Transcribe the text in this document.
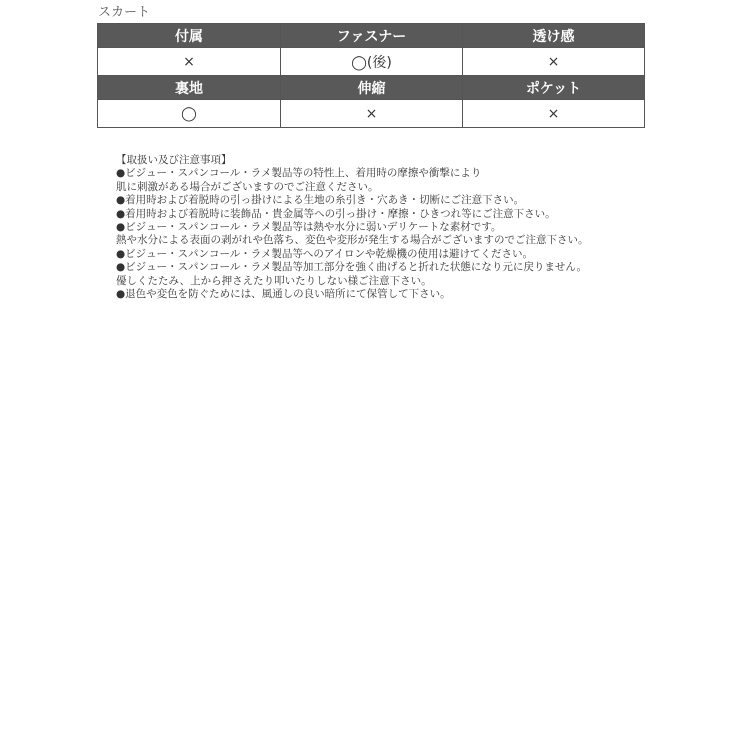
スカート
付属	ファスナー	透け感
×	◯(後)	×
裏地	伸縮	ポケット
◯	×	×
【取扱い及び注意事項】
●ビジュー・スパンコール・ラメ製品等の特性上、着用時の摩擦や衝撃により
肌に刺激がある場合がございますのでご注意ください。
●着用時および着脱時の引っ掛けによる生地の糸引き・穴あき・切断にご注意下さい。
●着用時および着脱時に装飾品・貴金属等への引っ掛け・摩擦・ひきつれ等にご注意下さい。
●ビジュー・スパンコール・ラメ製品等は熱や水分に弱いデリケートな素材です。
熱や水分による表面の剥がれや色落ち、変色や変形が発生する場合がございますのでご注意下さい。
●ビジュー・スパンコール・ラメ製品等へのアイロンや乾燥機の使用は避けてください。
●ビジュー・スパンコール・ラメ製品等加工部分を強く曲げると折れた状態になり元に戻りません。
優しくたたみ、上から押さえたり叩いたりしない様ご注意下さい。
●退色や変色を防ぐためには、風通しの良い暗所にて保管して下さい。
